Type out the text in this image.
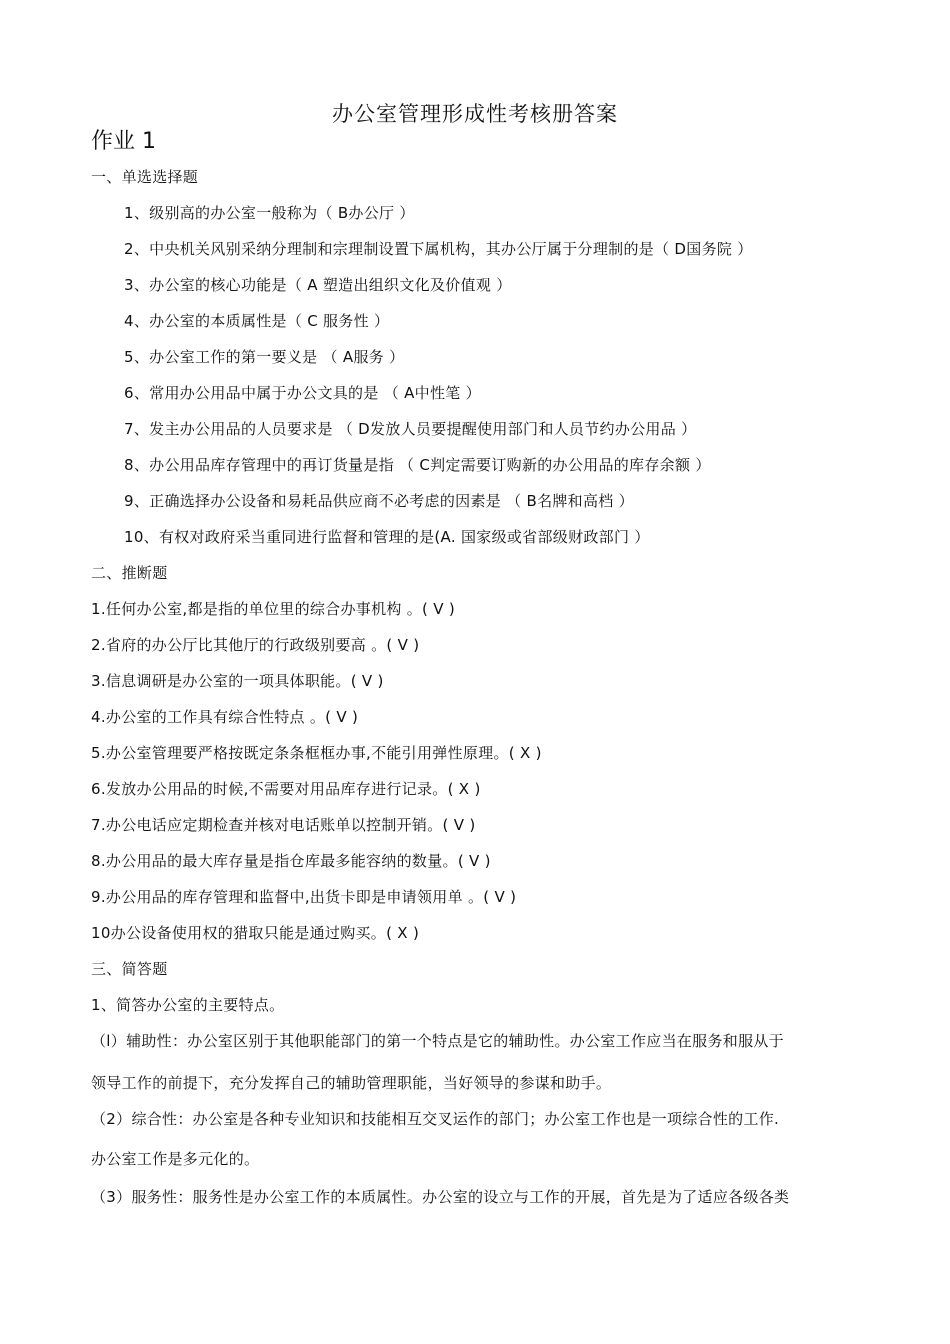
办公室管理形成性考核册答案
作业 1
一、单选选择题
1、级别高的办公室一般称为（ B办公厅 ）
2、中央机关风别采纳分理制和宗理制设置下属机构，其办公厅属于分理制的是（ D国务院 ）
3、办公室的核心功能是（ A 塑造出组织文化及价值观 ）
4、办公室的本质属性是（ C 服务性 ）
5、办公室工作的第一要义是 （ A服务 ）
6、常用办公用品中属于办公文具的是 （ A中性笔 ）
7、发主办公用品的人员要求是 （ D发放人员要提醒使用部门和人员节约办公用品 ）
8、办公用品库存管理中的再订货量是指 （ C判定需要订购新的办公用品的库存余额 ）
9、正确选择办公设备和易耗品供应商不必考虑的因素是 （ B名牌和高档 ）
10、有权对政府采当重同进行监督和管理的是(A. 国家级或省部级财政部门 ）
二、推断题
1.任何办公室,都是指的单位里的综合办事机构 。( V )
2.省府的办公厅比其他厅的行政级别要高 。( V )
3.信息调研是办公室的一项具体职能。( V )
4.办公室的工作具有综合性特点 。( V )
5.办公室管理要严格按既定条条框框办事,不能引用弹性原理。( X )
6.发放办公用品的时候,不需要对用品库存进行记录。( X )
7.办公电话应定期检查并核对电话账单以控制开销。( V )
8.办公用品的最大库存量是指仓库最多能容纳的数量。( V )
9.办公用品的库存管理和监督中,出货卡即是申请领用单 。( V )
10办公设备使用权的猎取只能是通过购买。( X )
三、简答题
1、简答办公室的主要特点。
（l）辅助性：办公室区别于其他职能部门的第一个特点是它的辅助性。办公室工作应当在服务和服从于
领导工作的前提下，充分发挥自己的辅助管理职能，当好领导的参谋和助手。
（2）综合性：办公室是各种专业知识和技能相互交叉运作的部门；办公室工作也是一项综合性的工作.
办公室工作是多元化的。
（3）服务性：服务性是办公室工作的本质属性。办公室的设立与工作的开展，首先是为了适应各级各类
